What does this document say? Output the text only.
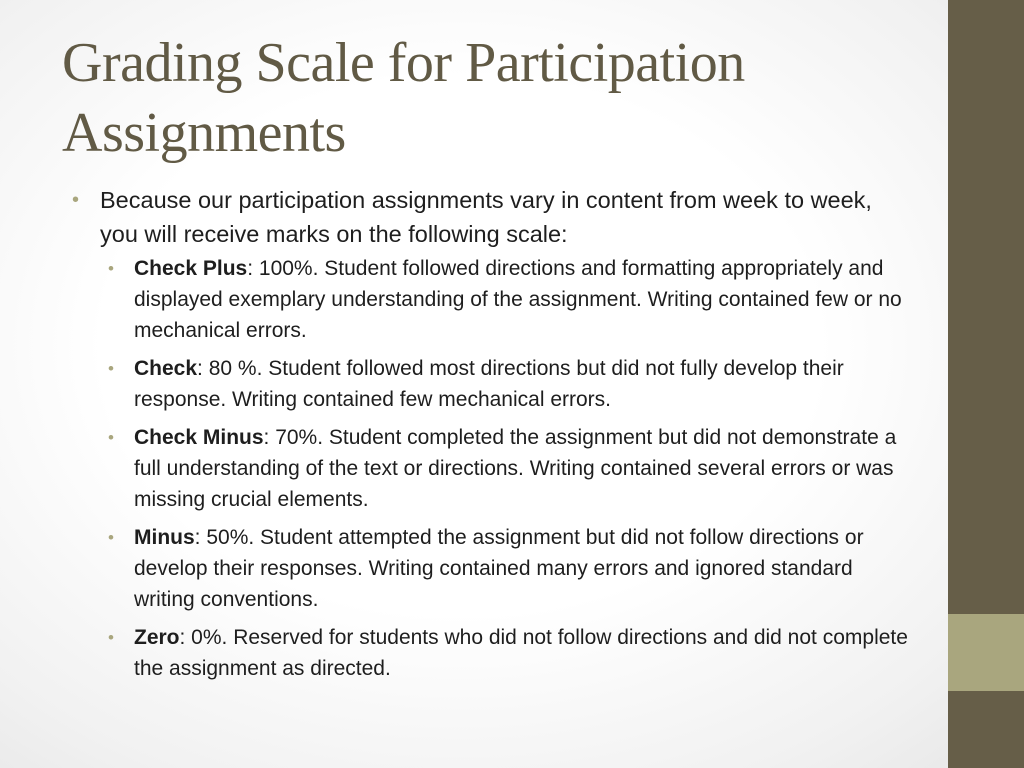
Grading Scale for Participation Assignments
• Because our participation assignments vary in content from week to week, you will receive marks on the following scale:
• Check Plus: 100%. Student followed directions and formatting appropriately and displayed exemplary understanding of the assignment. Writing contained few or no mechanical errors.
• Check: 80 %. Student followed most directions but did not fully develop their response. Writing contained few mechanical errors.
• Check Minus: 70%. Student completed the assignment but did not demonstrate a full understanding of the text or directions. Writing contained several errors or was missing crucial elements.
• Minus: 50%. Student attempted the assignment but did not follow directions or develop their responses. Writing contained many errors and ignored standard writing conventions.
• Zero: 0%. Reserved for students who did not follow directions and did not complete the assignment as directed.
